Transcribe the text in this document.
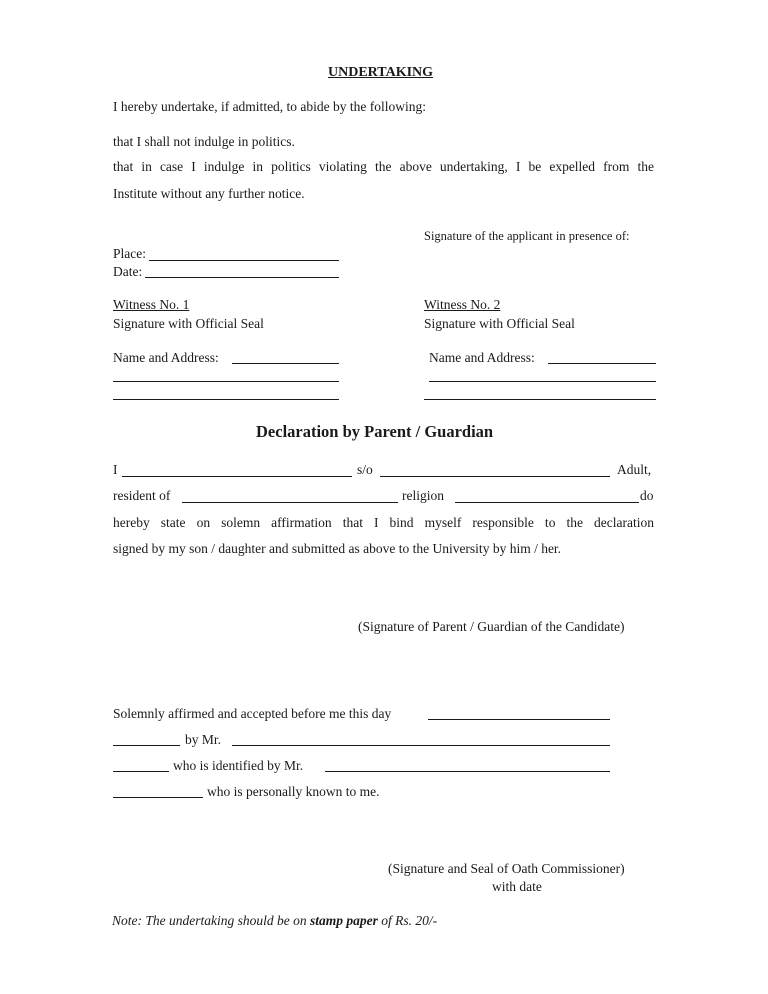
UNDERTAKING
I hereby undertake, if admitted, to abide by the following:
that I shall not indulge in politics.
that in case I indulge in politics violating the above undertaking, I be expelled from the
Institute without any further notice.
Signature of the applicant in presence of:
Place:
Date:
Witness No. 1
Signature with Official Seal
Witness No. 2
Signature with Official Seal
Name and Address:	Name and Address:
Declaration by Parent / Guardian
I	s/o	Adult,
resident of	religion	do
hereby state on solemn affirmation that I bind myself responsible to the declaration
signed by my son / daughter and submitted as above to the University by him / her.
(Signature of Parent / Guardian of the Candidate)
Solemnly affirmed and accepted before me this day
by Mr.
who is identified by Mr.
who is personally known to me.
(Signature and Seal of Oath Commissioner)
with date
Note: The undertaking should be on stamp paper of Rs. 20/-
